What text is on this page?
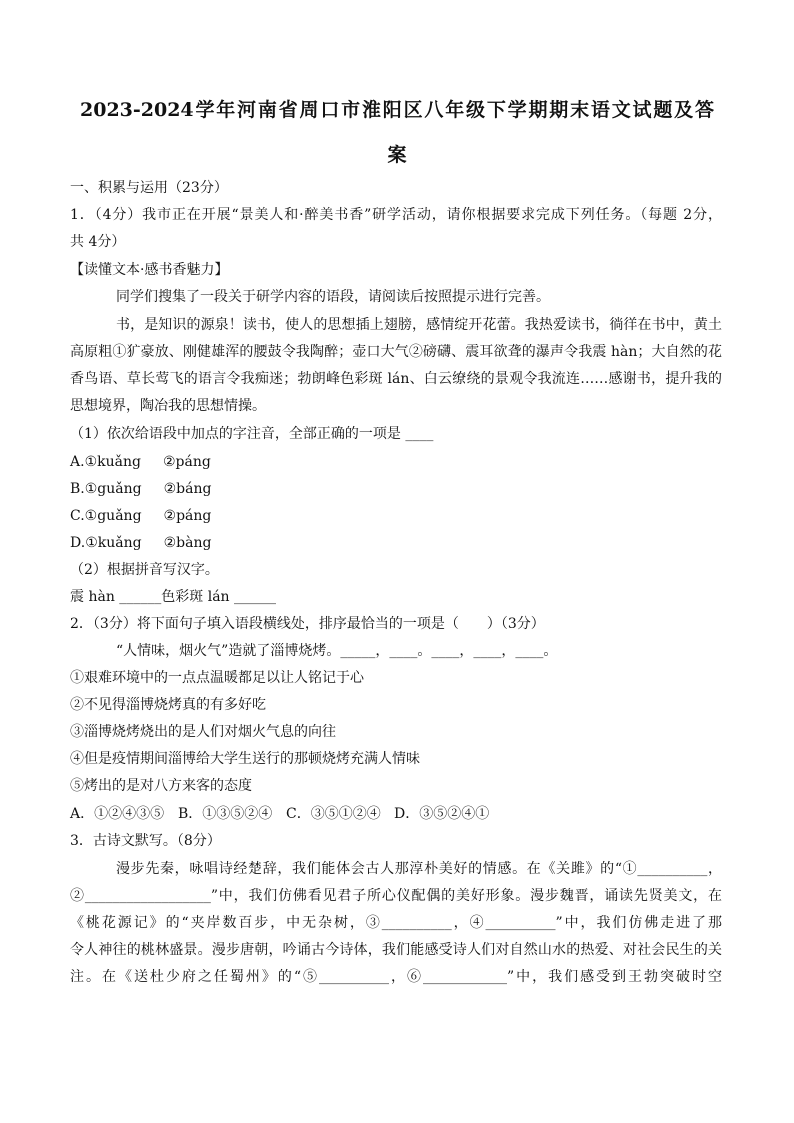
2023-2024学年河南省周口市淮阳区八年级下学期期末语文试题及答
案
一、积累与运用（23分）
1．（4分）我市正在开展“景美人和·醉美书香”研学活动，请你根据要求完成下列任务。（每题 2分，
共 4分）
【读懂文本·感书香魅力】
同学们搜集了一段关于研学内容的语段，请阅读后按照提示进行完善。
书，是知识的源泉！读书，使人的思想插上翅膀，感情绽开花蕾。我热爱读书，徜徉在书中，黄土
高原粗①犷豪放、刚健雄浑的腰鼓令我陶醉；壶口大气②磅礴、震耳欲聋的瀑声令我震 hàn；大自然的花
香鸟语、草长莺飞的语言令我痴迷；勃朗峰色彩斑 lán、白云缭绕的景观令我流连……感谢书，提升我的
思想境界，陶冶我的思想情操。
（1）依次给语段中加点的字注音，全部正确的一项是 ____
A.①kuǎng ②páng
B.①guǎng ②báng
C.①guǎng ②páng
D.①kuǎng ②bàng
（2）根据拼音写汉字。
震 hàn ______色彩斑 lán ______
2．（3分）将下面句子填入语段横线处，排序最恰当的一项是（　　）（3分）
“人情味，烟火气”造就了淄博烧烤。_____，____。____，____，____。
①艰难环境中的一点点温暖都足以让人铭记于心
②不见得淄博烧烤真的有多好吃
③淄博烧烤烧出的是人们对烟火气息的向往
④但是疫情期间淄博给大学生送行的那顿烧烤充满人情味
⑤烤出的是对八方来客的态度
A．①②④③⑤ B．①③⑤②④ C．③⑤①②④ D．③⑤②④①
3．古诗文默写。（8分）
漫步先秦，咏唱诗经楚辞，我们能体会古人那淳朴美好的情感。在《关雎》的“①__________，
②__________________”中，我们仿佛看见君子所心仪配偶的美好形象。漫步魏晋，诵读先贤美文，在
《桃花源记》的“夹岸数百步，中无杂树，③__________，④__________”中，我们仿佛走进了那
令人神往的桃林盛景。漫步唐朝，吟诵古今诗体，我们能感受诗人们对自然山水的热爱、对社会民生的关
注。在《送杜少府之任蜀州》的“⑤__________，⑥____________”中，我们感受到王勃突破时空
